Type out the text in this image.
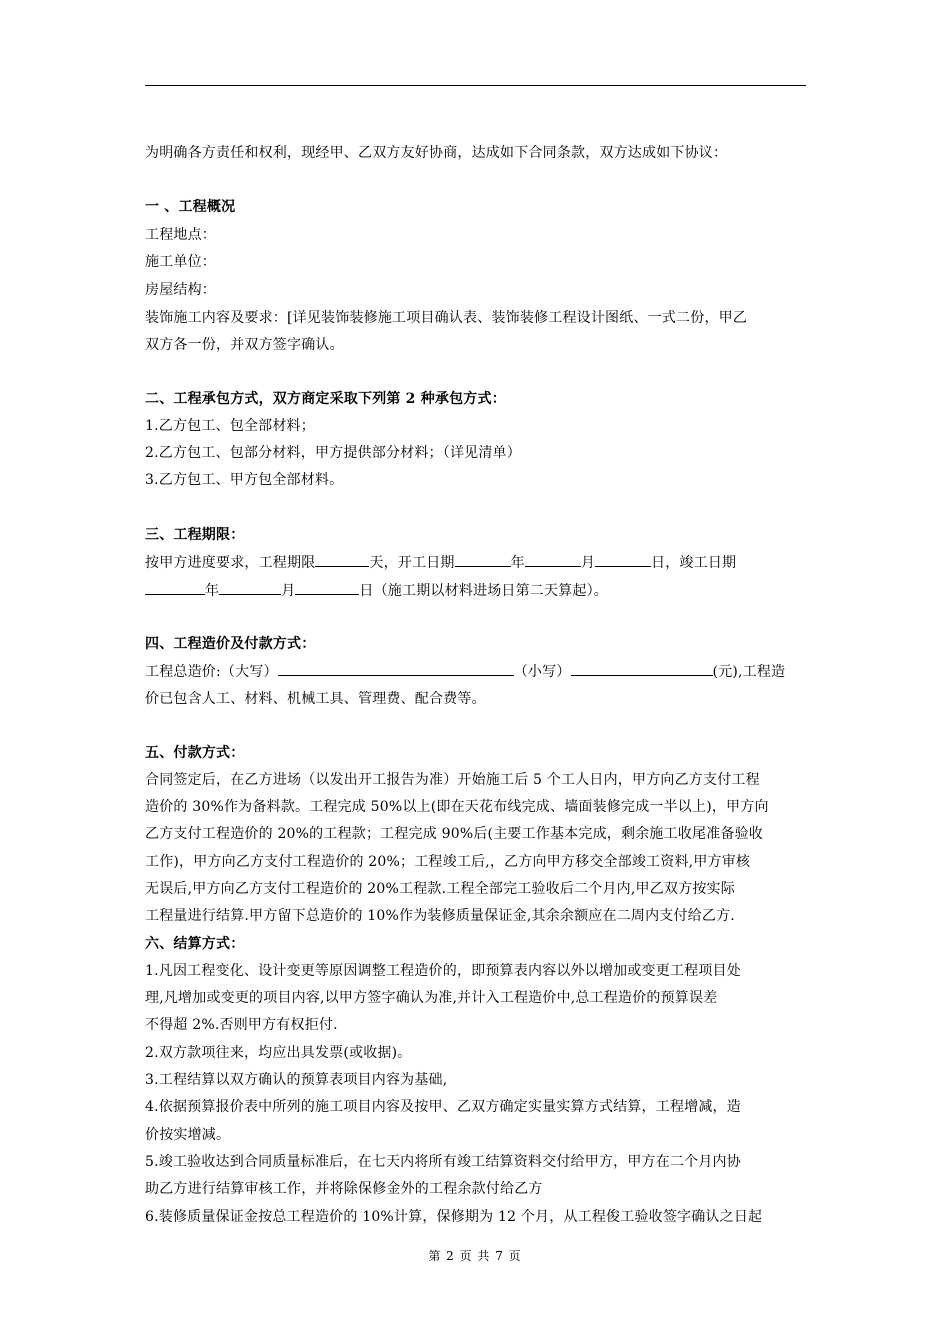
为明确各方责任和权利，现经甲、乙双方友好协商，达成如下合同条款，双方达成如下协议：
一 、工程概况
工程地点：
施工单位：
房屋结构：
装饰施工内容及要求：[详见装饰装修施工项目确认表、装饰装修工程设计图纸、一式二份，甲乙
双方各一份，并双方签字确认。
二、工程承包方式，双方商定采取下列第 2 种承包方式：
1.乙方包工、包全部材料；
2.乙方包工、包部分材料，甲方提供部分材料；（详见清单）
3.乙方包工、甲方包全部材料。
三、工程期限：
按甲方进度要求，工程期限	天，开工日期	年	月	日，竣工日期
年	月	日（施工期以材料进场日第二天算起）。
四、工程造价及付款方式：
工程总造价:（大写）	（小写）	(元),工程造
价已包含人工、材料、机械工具、管理费、配合费等。
五、付款方式：
合同签定后，在乙方进场（以发出开工报告为准）开始施工后 5 个工人日内，甲方向乙方支付工程
造价的 30%作为备料款。工程完成 50%以上(即在天花布线完成、墙面装修完成一半以上)，甲方向
乙方支付工程造价的 20%的工程款；工程完成 90%后(主要工作基本完成，剩余施工收尾准备验收
工作)，甲方向乙方支付工程造价的 20%；工程竣工后,，乙方向甲方移交全部竣工资料,甲方审核
无误后,甲方向乙方支付工程造价的 20%工程款.工程全部完工验收后二个月内,甲乙双方按实际
工程量进行结算.甲方留下总造价的 10%作为装修质量保证金,其余余额应在二周内支付给乙方.
六、结算方式：
1.凡因工程变化、设计变更等原因调整工程造价的，即预算表内容以外以增加或变更工程项目处
理,凡增加或变更的项目内容,以甲方签字确认为准,并计入工程造价中,总工程造价的预算误差
不得超 2%.否则甲方有权拒付.
2.双方款项往来，均应出具发票(或收据)。
3.工程结算以双方确认的预算表项目内容为基础,
4.依据预算报价表中所列的施工项目内容及按甲、乙双方确定实量实算方式结算，工程增减，造
价按实增减。
5.竣工验收达到合同质量标准后，在七天内将所有竣工结算资料交付给甲方，甲方在二个月内协
助乙方进行结算审核工作，并将除保修金外的工程余款付给乙方
6.装修质量保证金按总工程造价的 10%计算，保修期为 12 个月，从工程俊工验收签字确认之日起
第 2 页 共 7 页
